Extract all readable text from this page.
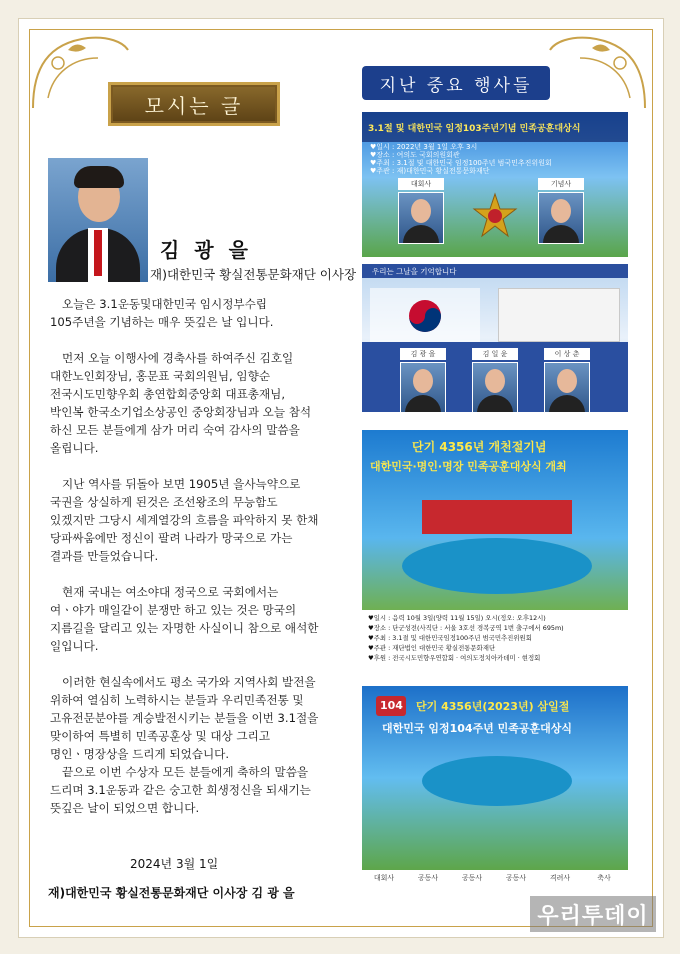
모시는 글
김 광 을
재)대한민국 황실전통문화재단 이사장

오늘은 3.1운동및대한민국 임시정부수립 105주년을 기념하는 매우 뜻깊은 날 입니다.

먼저 오늘 이행사에 경축사를 하여주신 김호일 대한노인회장님, 홍문표 국회의원님, 임향순 전국시도민향우회 총연합회중앙회 대표총재님, 박인복 한국소기업소상공인 중앙회장님과 오늘 참석 하신 모든 분들에게 삼가 머리 숙여 감사의 말씀을 올립니다.

지난 역사를 뒤돌아 보면 1905년 을사늑약으로 국권을 상실하게 된것은 조선왕조의 무능함도 있겠지만 그당시 세계열강의 흐름을 파악하지 못 한채 당파싸움에만 정신이 팔려 나라가 망국으로 가는 결과를 만들었습니다.

현재 국내는 여소야대 정국으로 국회에서는 여ㆍ야가 매일같이 분쟁만 하고 있는 것은 망국의 지름길을 달리고 있는 자명한 사실이니 참으로 애석한 일입니다.

이러한 현실속에서도 평소 국가와 지역사회 발전을 위하여 열심히 노력하시는 분들과 우리민족전통 및 고유전문분야를 계승발전시키는 분들을 이번 3.1절을 맞이하여 특별히 민족공훈상 및 대상 그리고 명인ㆍ명장상을 드리게 되었습니다.

끝으로 이번 수상자 모든 분들에게 축하의 말씀을 드리며 3.1운동과 같은 숭고한 희생정신을 되새기는 뜻깊은 날이 되었으면 합니다.

2024년 3월 1일
재)대한민국 황실전통문화재단 이사장 김 광 을
지난 중요 행사들
3.1절 및 대한민국 임정103주년기념 민족공훈대상식
♥일시 : 2022년 3월 1일 오후 3시
♥장소 : 여의도 국회의원회관
♥주최 : 3.1절 및 대한민국 임정100주년 범국민추진위원회
♥주관 : 재)대한민국 황실전통문화재단
대회사	기념사
우리는 그날을 기억합니다
김 광 을	김 일 윤	이 상 춘
단기 4356년 개천절기념
대한민국·명인·명장 민족공훈대상식 개최
♥일시 : 음력 10월 3일(양력 11월 15일) 오시(정오: 오후12시)
♥장소 : 단군성전(사직단 : 서울 3호선 경복궁역 1번 출구에서 695m)
♥주최 : 3.1절 및 대한민국임정100주년 범국민추진위원회
♥주관 : 재단법인 대한민국 황실전통문화재단
♥후원 : 전국시도민향우연합회 · 여의도정치아카데미 · 현정회
104 단기 4356년(2023년) 삼일절
대한민국 임정104주년 민족공훈대상식
대회사	공동사	공동사	공동사	격려사	축사
우리투데이
